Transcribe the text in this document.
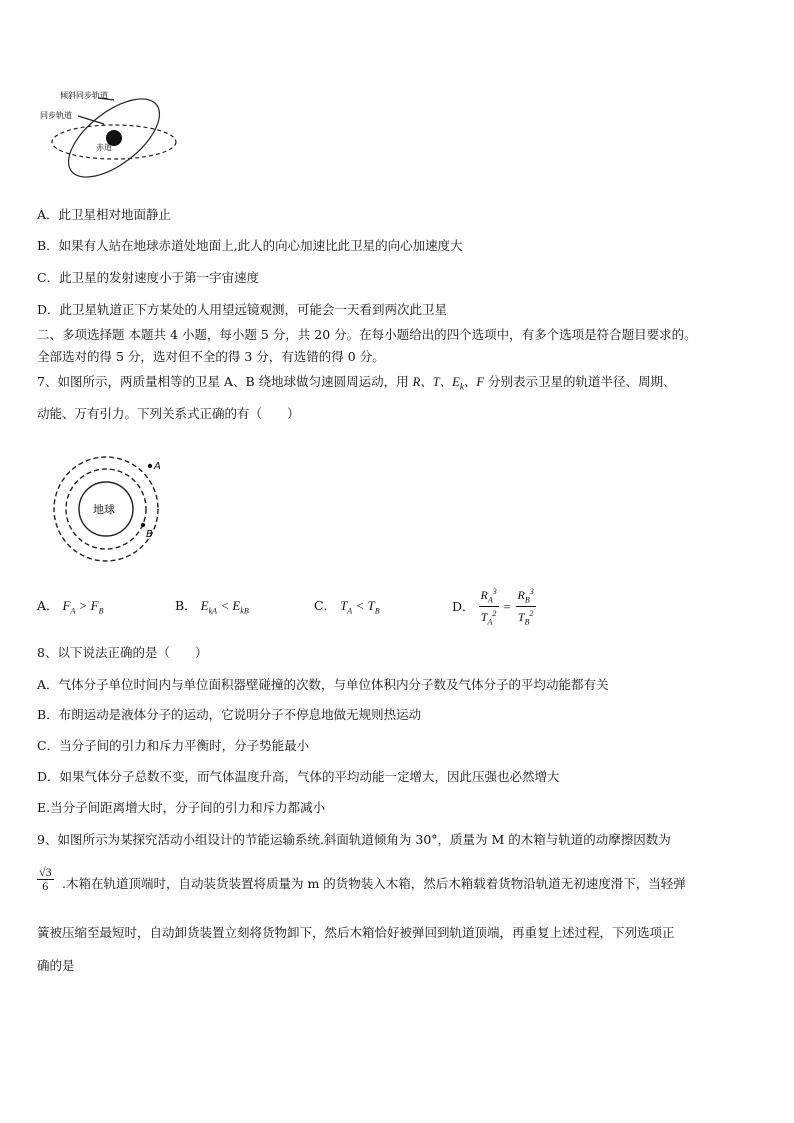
倾斜同步轨道
同步轨道
赤道
A．此卫星相对地面静止
B．如果有人站在地球赤道处地面上,此人的向心加速比此卫星的向心加速度大
C．此卫星的发射速度小于第一宇宙速度
D．此卫星轨道正下方某处的人用望远镜观测，可能会一天看到两次此卫星
二、多项选择题 本题共 4 小题，每小题 5 分，共 20 分。在每小题给出的四个选项中，有多个选项是符合题目要求的。
全部选对的得 5 分，选对但不全的得 3 分，有选错的得 0 分。
7、如图所示，两质量相等的卫星 A、B 绕地球做匀速圆周运动，用 R、T、$E_k$、F 分别表示卫星的轨道半径、周期、
动能、万有引力。下列关系式正确的有（　　）
地球
A
B
A． $F_A > F_B$	B． $E_{kA} < E_{kB}$	C． $T_A < T_B$	D． $\frac{R_A^3}{T_A^2} = \frac{R_B^3}{T_B^2}$
8、以下说法正确的是（　　）
A．气体分子单位时间内与单位面积器壁碰撞的次数，与单位体积内分子数及气体分子的平均动能都有关
B．布朗运动是液体分子的运动，它说明分子不停息地做无规则热运动
C．当分子间的引力和斥力平衡时，分子势能最小
D．如果气体分子总数不变，而气体温度升高，气体的平均动能一定增大，因此压强也必然增大
E.当分子间距离增大时，分子间的引力和斥力都减小
9、如图所示为某探究活动小组设计的节能运输系统.斜面轨道倾角为 30°，质量为 M 的木箱与轨道的动摩擦因数为
$\frac{√3}{6}$ .木箱在轨道顶端时，自动装货装置将质量为 m 的货物装入木箱，然后木箱载着货物沿轨道无初速度滑下，当轻弹
簧被压缩至最短时，自动卸货装置立刻将货物卸下，然后木箱恰好被弹回到轨道顶端，再重复上述过程，下列选项正
确的是
